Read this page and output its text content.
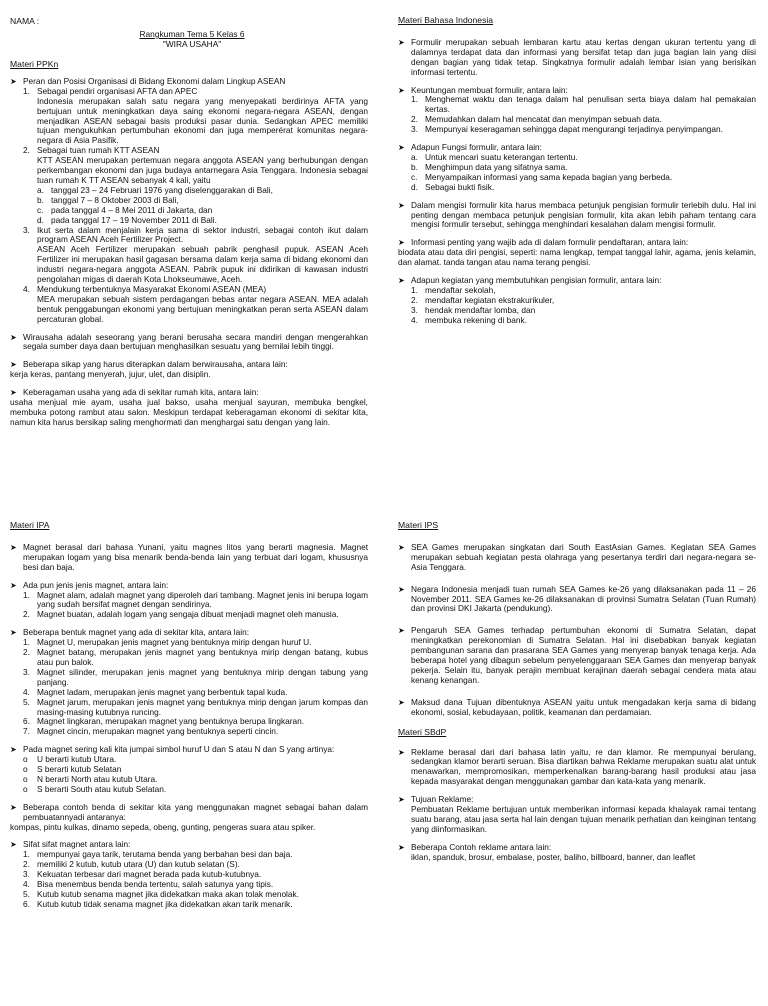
NAMA :
Rangkuman Tema 5 Kelas 6
"WIRA USAHA"
Materi PPKn
➤ Peran dan Posisi Organisasi di Bidang Ekonomi dalam Lingkup ASEAN
1. Sebagai pendiri organisasi AFTA dan APEC
Indonesia merupakan salah satu negara yang menyepakati berdirinya AFTA yang bertujuan untuk meningkatkan daya saing ekonomi negara-negara ASEAN, dengan menjadikan ASEAN sebagai basis produksi pasar dunia. Sedangkan APEC memiliki tujuan mengukuhkan pertumbuhan ekonomi dan juga memperérat komunitas negara-negara di Asia Pasifik.
2. Sebagai tuan rumah KTT ASEAN
KTT ASEAN merupakan pertemuan negara anggota ASEAN yang berhubungan dengan perkembangan ekonomi dan juga budaya antarnegara Asia Tenggara. Indonesia sebagai tuan rumah K TT ASEAN sebanyak 4 kali, yaitu
a. tanggal 23 – 24 Februari 1976 yang diselenggarakan di Bali,
b. tanggal 7 – 8 Oktober 2003 di Bali,
c. pada tanggal 4 – 8 Mei 2011 di Jakarta, dan
d. pada tanggal 17 – 19 November 2011 di Bali.
3. Ikut serta dalam menjalain kerja sama di sektor industri, sebagai contoh ikut dalam program ASEAN Aceh Fertilizer Project.
ASEAN Aceh Fertilizer merupakan sebuah pabrik penghasil pupuk. ASEAN Aceh Fertilizer ini merupakan hasil gagasan bersama dalam kerja sama di bidang ekonomi dan industri negara-negara anggota ASEAN. Pabrik pupuk ini didirikan di kawasan industri pengolahan migas di daerah Kota Lhokseumawe, Aceh.
4. Mendukung terbentuknya Masyarakat Ekonomi ASEAN (MEA)
MEA merupakan sebuah sistem perdagangan bebas antar negara ASEAN. MEA adalah bentuk penggabungan ekonomi yang bertujuan meningkatkan peran serta ASEAN dalam percaturan global.
➤ Wirausaha adalah seseorang yang berani berusaha secara mandiri dengan mengerahkan segala sumber daya daan bertujuan menghasilkan sesuatu yang bernilai lebih tinggi.
➤ Beberapa sikap yang harus diterapkan dalam berwirausaha, antara lain:
kerja keras, pantang menyerah, jujur, ulet, dan disiplin.
➤ Keberagaman usaha yang ada di sekitar rumah kita, antara lain:
usaha menjual mie ayam, usaha jual bakso, usaha menjual sayuran, membuka bengkel, membuka potong rambut atau salon. Meskipun terdapat keberagaman ekonomi di sekitar kita, namun kita harus bersikap saling menghormati dan menghargai satu dengan yang lain.
Materi Bahasa Indonesia
➤ Formulir merupakan sebuah lembaran kartu atau kertas dengan ukuran tertentu yang di dalamnya terdapat data dan informasi yang bersifat tetap dan juga bagian lain yang diisi dengan bagian yang tidak tetap. Singkatnya formulir adalah lembar isian yang berisikan informasi tertentu.
➤ Keuntungan membuat formulir, antara lain:
1. Menghemat waktu dan tenaga dalam hal penulisan serta biaya dalam hal pemakaian kertas.
2. Memudahkan dalam hal mencatat dan menyimpan sebuah data.
3. Mempunyai keseragaman sehingga dapat mengurangi terjadinya penyimpangan.
➤ Adapun Fungsi formulir, antara lain:
a. Untuk mencari suatu keterangan tertentu.
b. Menghimpun data yang sifatnya sama.
c. Menyampaikan informasi yang sama kepada bagian yang berbeda.
d. Sebagai bukti fisik.
➤ Dalam mengisi formulir kita harus membaca petunjuk pengisian formulir terlebih dulu. Hal ini penting dengan membaca petunjuk pengisian formulir, kita akan lebih paham tentang cara mengisi formulir tersebut, sehingga menghindari kesalahan dalam mengisi formulir.
➤ Informasi penting yang wajib ada di dalam formulir pendaftaran, antara lain:
biodata atau data diri pengisi, seperti: nama lengkap, tempat tanggal lahir, agama, jenis kelamin, dan alamat. tanda tangan atau nama terang pengisi.
➤ Adapun kegiatan yang membutuhkan pengisian formulir, antara lain:
1. mendaftar sekolah,
2. mendaftar kegiatan ekstrakurikuler,
3. hendak mendaftar lomba, dan
4. membuka rekening di bank.
Materi IPA
➤ Magnet berasal dari bahasa Yunani, yaitu magnes litos yang berarti magnesia. Magnet merupakan logam yang bisa menarik benda-benda lain yang terbuat dari logam, khususnya besi dan baja.
➤ Ada pun jenis jenis magnet, antara lain:
1. Magnet alam, adalah magnet yang diperoleh dari tambang. Magnet jenis ini berupa logam yang sudah bersifat magnet dengan sendirinya.
2. Magnet buatan, adalah logam yang sengaja dibuat menjadi magnet oleh manusia.
➤ Beberapa bentuk magnet yang ada di sekitar kita, antara lain:
1. Magnet U, merupakan jenis magnet yang bentuknya mirip dengan huruf U.
2. Magnet batang, merupakan jenis magnet yang bentuknya mirip dengan batang, kubus atau pun balok.
3. Magnet silinder, merupakan jenis magnet yang bentuknya mirip dengan tabung yang panjang.
4. Magnet ladam, merupakan jenis magnet yang berbentuk tapal kuda.
5. Magnet jarum, merupakan jenis magnet yang bentuknya mirip dengan jarum kompas dan masing-masing kutubnya runcing.
6. Magnet lingkaran, merupakan magnet yang bentuknya berupa lingkaran.
7. Magnet cincin, merupakan magnet yang bentuknya seperti cincin.
➤ Pada magnet sering kali kita jumpai simbol huruf U dan S atau N dan S yang artinya:
o U berarti kutub Utara.
o S berarti kutub Selatan
o N berarti North atau kutub Utara.
o S berarti South atau kutub Selatan.
➤ Beberapa contoh benda di sekitar kita yang menggunakan magnet sebagai bahan dalam pembuatannyadi antaranya:
kompas, pintu kulkas, dinamo sepeda, obeng, gunting, pengeras suara atau spiker.
➤ Sifat sifat magnet antara lain:
1. mempunyai gaya tarik, terutama benda yang berbahan besi dan baja.
2. memiliki 2 kutub, kutub utara (U) dan kutub selatan (S).
3. Kekuatan terbesar dari magnet berada pada kutub-kutubnya.
4. Bisa menembus benda benda tertentu, salah satunya yang tipis.
5. Kutub kutub senama magnet jika didekatkan maka akan tolak menolak.
6. Kutub kutub tidak senama magnet jika didekatkan akan tarik menarik.
Materi IPS
➤ SEA Games merupakan singkatan dari South EastAsian Games. Kegiatan SEA Games merupakan sebuah kegiatan pesta olahraga yang pesertanya terdiri dari negara-negara se-Asia Tenggara.
➤ Negara Indonesia menjadi tuan rumah SEA Games ke-26 yang dilaksanakan pada 11 – 26 November 2011. SEA Games ke-26 dilaksanakan di provinsi Sumatra Selatan (Tuan Rumah) dan provinsi DKI Jakarta (pendukung).
➤ Pengaruh SEA Games terhadap pertumbuhan ekonomi di Sumatra Selatan, dapat meningkatkan perekonomian di Sumatra Selatan. Hal ini disebabkan banyak kegiatan pembangunan sarana dan prasarana SEA Games yang menyerap banyak tenaga kerja. Ada beberapa hotel yang dibagun sebelum penyelenggaraan SEA Games dan menyerap banyak pekerja. Selain itu, banyak perajin membuat kerajinan daerah sebagai cendera mata atau kenang kenangan.
➤ Maksud dana Tujuan dibentuknya ASEAN yaitu untuk mengadakan kerja sama di bidang ekonomi, sosial, kebudayaan, politik, keamanan dan perdamaian.
Materi SBdP
➤ Reklame berasal dari dari bahasa latin yaitu, re dan klamor. Re mempunyai berulang, sedangkan klamor berarti seruan. Bisa diartikan bahwa Reklame merupakan suatu alat untuk menawarkan, mempromosikan, memperkenalkan barang-barang hasil produksi atau jasa kepada masyarakat dengan menggunakan gambar dan kata-kata yang menarik.
➤ Tujuan Reklame:
Pembuatan Reklame bertujuan untuk memberikan informasi kepada khalayak ramai tentang suatu barang, atau jasa serta hal lain dengan tujuan menarik perhatian dan keinginan tentang yang diinformasikan.
➤ Beberapa Contoh reklame antara lain:
iklan, spanduk, brosur, embalase, poster, baliho, billboard, banner, dan leaflet
